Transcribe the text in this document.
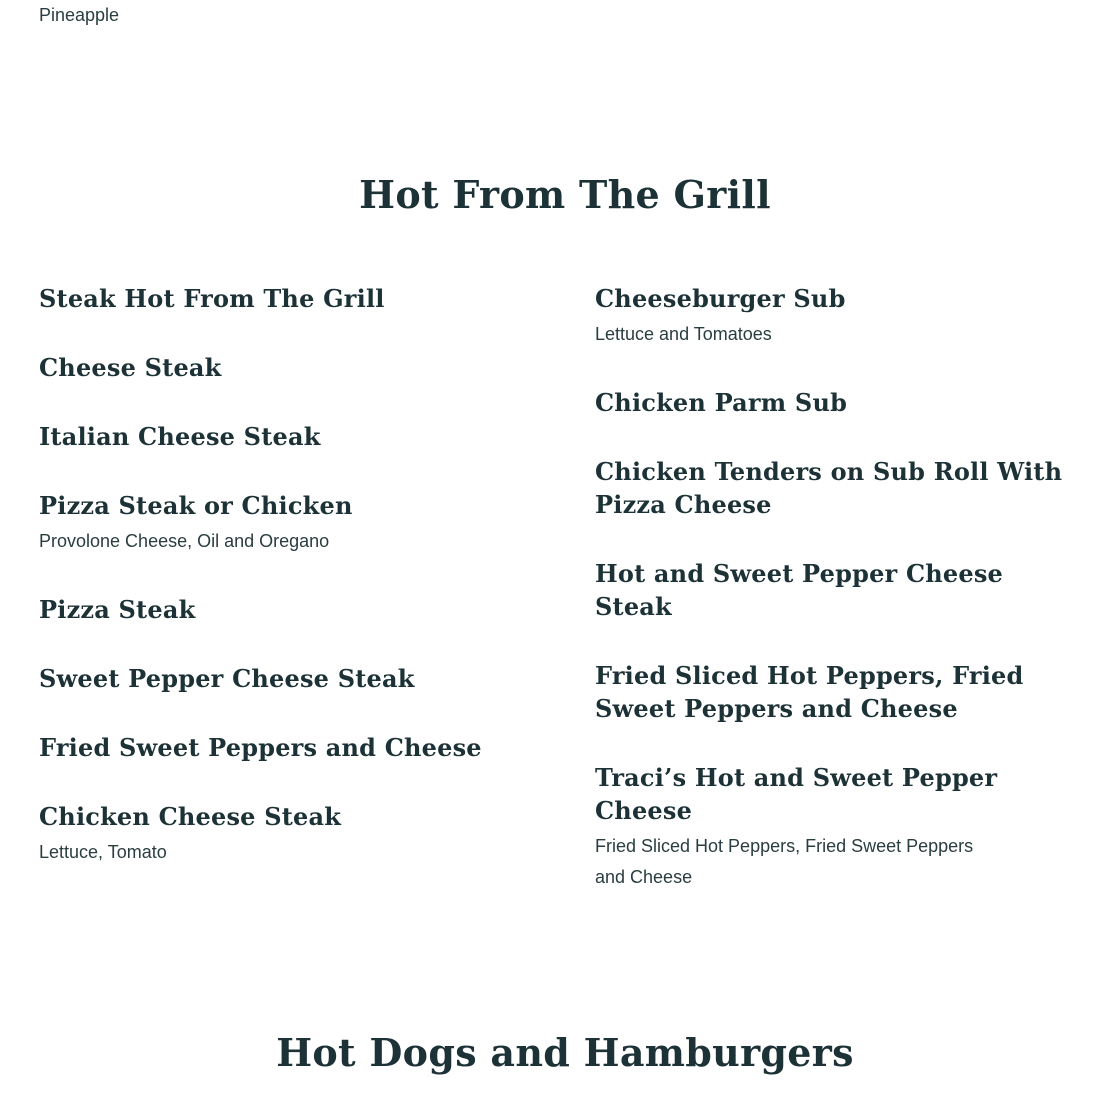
Pineapple

Hot From The Grill
Steak Hot From The Grill
Cheese Steak
Italian Cheese Steak
Pizza Steak or Chicken

Provolone Cheese, Oil and Oregano

Pizza Steak
Sweet Pepper Cheese Steak
Fried Sweet Peppers and Cheese
Chicken Cheese Steak

Lettuce, Tomato

Cheeseburger Sub

Lettuce and Tomatoes

Chicken Parm Sub
Chicken Tenders on Sub Roll With Pizza Cheese
Hot and Sweet Pepper Cheese Steak
Fried Sliced Hot Peppers, Fried Sweet Peppers and Cheese
Traci’s Hot and Sweet Pepper Cheese

Fried Sliced Hot Peppers, Fried Sweet Peppers and Cheese

Hot Dogs and Hamburgers
